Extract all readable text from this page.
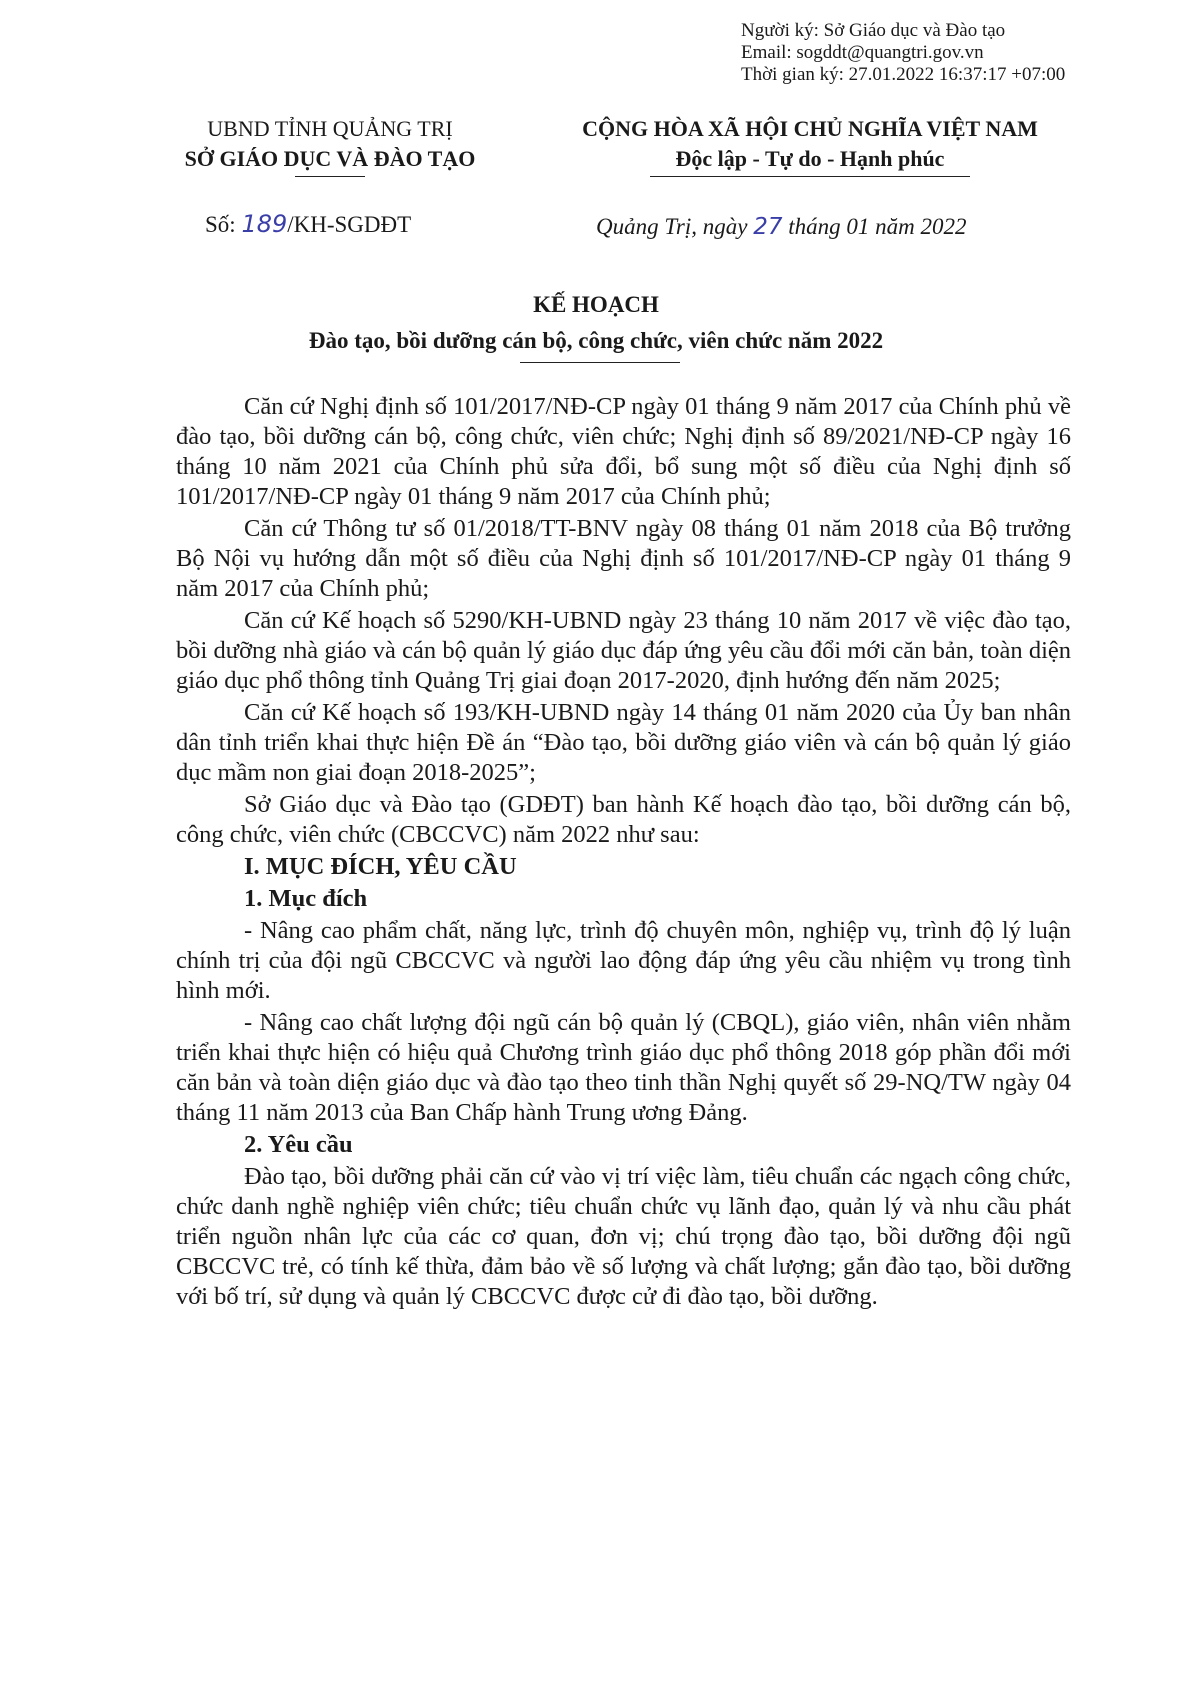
Người ký: Sở Giáo dục và Đào tạo
Email: sogddt@quangtri.gov.vn
Thời gian ký: 27.01.2022 16:37:17 +07:00
UBND TỈNH QUẢNG TRỊ
SỞ GIÁO DỤC VÀ ĐÀO TẠO
CỘNG HÒA XÃ HỘI CHỦ NGHĨA VIỆT NAM
Độc lập - Tự do - Hạnh phúc
Số: 189/KH-SGDĐT	Quảng Trị, ngày 27 tháng 01 năm 2022
KẾ HOẠCH
Đào tạo, bồi dưỡng cán bộ, công chức, viên chức năm 2022

Căn cứ Nghị định số 101/2017/NĐ-CP ngày 01 tháng 9 năm 2017 của Chính phủ về đào tạo, bồi dưỡng cán bộ, công chức, viên chức; Nghị định số 89/2021/NĐ-CP ngày 16 tháng 10 năm 2021 của Chính phủ sửa đổi, bổ sung một số điều của Nghị định số 101/2017/NĐ-CP ngày 01 tháng 9 năm 2017 của Chính phủ;

Căn cứ Thông tư số 01/2018/TT-BNV ngày 08 tháng 01 năm 2018 của Bộ trưởng Bộ Nội vụ hướng dẫn một số điều của Nghị định số 101/2017/NĐ-CP ngày 01 tháng 9 năm 2017 của Chính phủ;

Căn cứ Kế hoạch số 5290/KH-UBND ngày 23 tháng 10 năm 2017 về việc đào tạo, bồi dưỡng nhà giáo và cán bộ quản lý giáo dục đáp ứng yêu cầu đổi mới căn bản, toàn diện giáo dục phổ thông tỉnh Quảng Trị giai đoạn 2017-2020, định hướng đến năm 2025;

Căn cứ Kế hoạch số 193/KH-UBND ngày 14 tháng 01 năm 2020 của Ủy ban nhân dân tỉnh triển khai thực hiện Đề án “Đào tạo, bồi dưỡng giáo viên và cán bộ quản lý giáo dục mầm non giai đoạn 2018-2025”;

Sở Giáo dục và Đào tạo (GDĐT) ban hành Kế hoạch đào tạo, bồi dưỡng cán bộ, công chức, viên chức (CBCCVC) năm 2022 như sau:

I. MỤC ĐÍCH, YÊU CẦU
1. Mục đích

- Nâng cao phẩm chất, năng lực, trình độ chuyên môn, nghiệp vụ, trình độ lý luận chính trị của đội ngũ CBCCVC và người lao động đáp ứng yêu cầu nhiệm vụ trong tình hình mới.

- Nâng cao chất lượng đội ngũ cán bộ quản lý (CBQL), giáo viên, nhân viên nhằm triển khai thực hiện có hiệu quả Chương trình giáo dục phổ thông 2018 góp phần đổi mới căn bản và toàn diện giáo dục và đào tạo theo tinh thần Nghị quyết số 29-NQ/TW ngày 04 tháng 11 năm 2013 của Ban Chấp hành Trung ương Đảng.

2. Yêu cầu

Đào tạo, bồi dưỡng phải căn cứ vào vị trí việc làm, tiêu chuẩn các ngạch công chức, chức danh nghề nghiệp viên chức; tiêu chuẩn chức vụ lãnh đạo, quản lý và nhu cầu phát triển nguồn nhân lực của các cơ quan, đơn vị; chú trọng đào tạo, bồi dưỡng đội ngũ CBCCVC trẻ, có tính kế thừa, đảm bảo về số lượng và chất lượng; gắn đào tạo, bồi dưỡng với bố trí, sử dụng và quản lý CBCCVC được cử đi đào tạo, bồi dưỡng.
